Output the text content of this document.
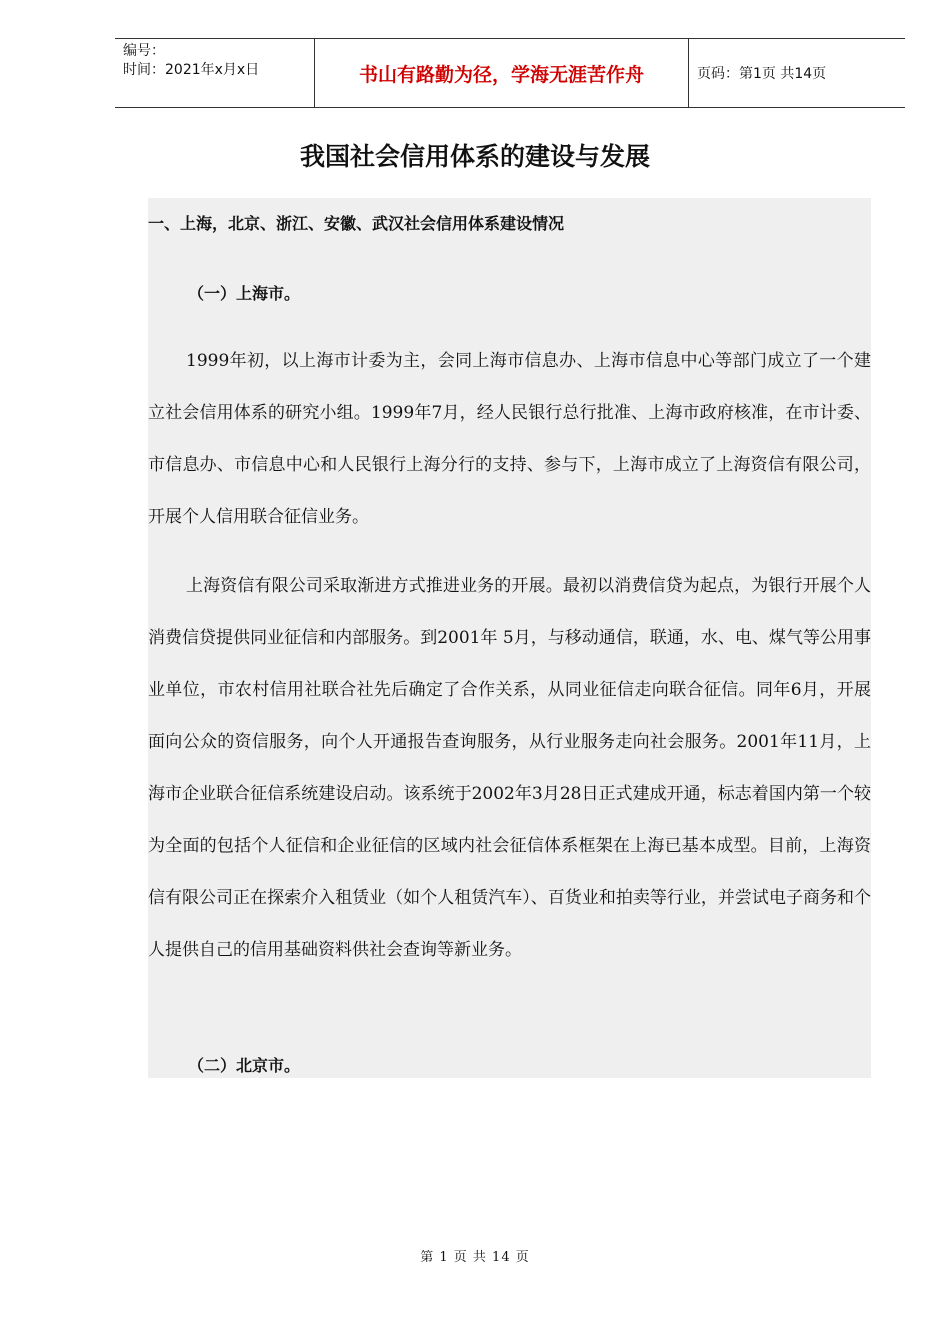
编号：
时间：2021年x月x日	书山有路勤为径，学海无涯苦作舟	页码：第1页 共14页
我国社会信用体系的建设与发展

一、上海，北京、浙江、安徽、武汉社会信用体系建设情况

（一）上海市。

1999年初，以上海市计委为主，会同上海市信息办、上海市信息中心等部门成立了一个建立社会信用体系的研究小组。1999年7月，经人民银行总行批准、上海市政府核准，在市计委、市信息办、市信息中心和人民银行上海分行的支持、参与下，上海市成立了上海资信有限公司，开展个人信用联合征信业务。

上海资信有限公司采取渐进方式推进业务的开展。最初以消费信贷为起点，为银行开展个人消费信贷提供同业征信和内部服务。到2001年 5月，与移动通信，联通，水、电、煤气等公用事业单位，市农村信用社联合社先后确定了合作关系，从同业征信走向联合征信。同年6月，开展面向公众的资信服务，向个人开通报告查询服务，从行业服务走向社会服务。2001年11月，上海市企业联合征信系统建设启动。该系统于2002年3月28日正式建成开通，标志着国内第一个较为全面的包括个人征信和企业征信的区域内社会征信体系框架在上海已基本成型。目前，上海资信有限公司正在探索介入租赁业（如个人租赁汽车）、百货业和拍卖等行业，并尝试电子商务和个人提供自己的信用基础资料供社会查询等新业务。

（二）北京市。

第 1 页 共 14 页
